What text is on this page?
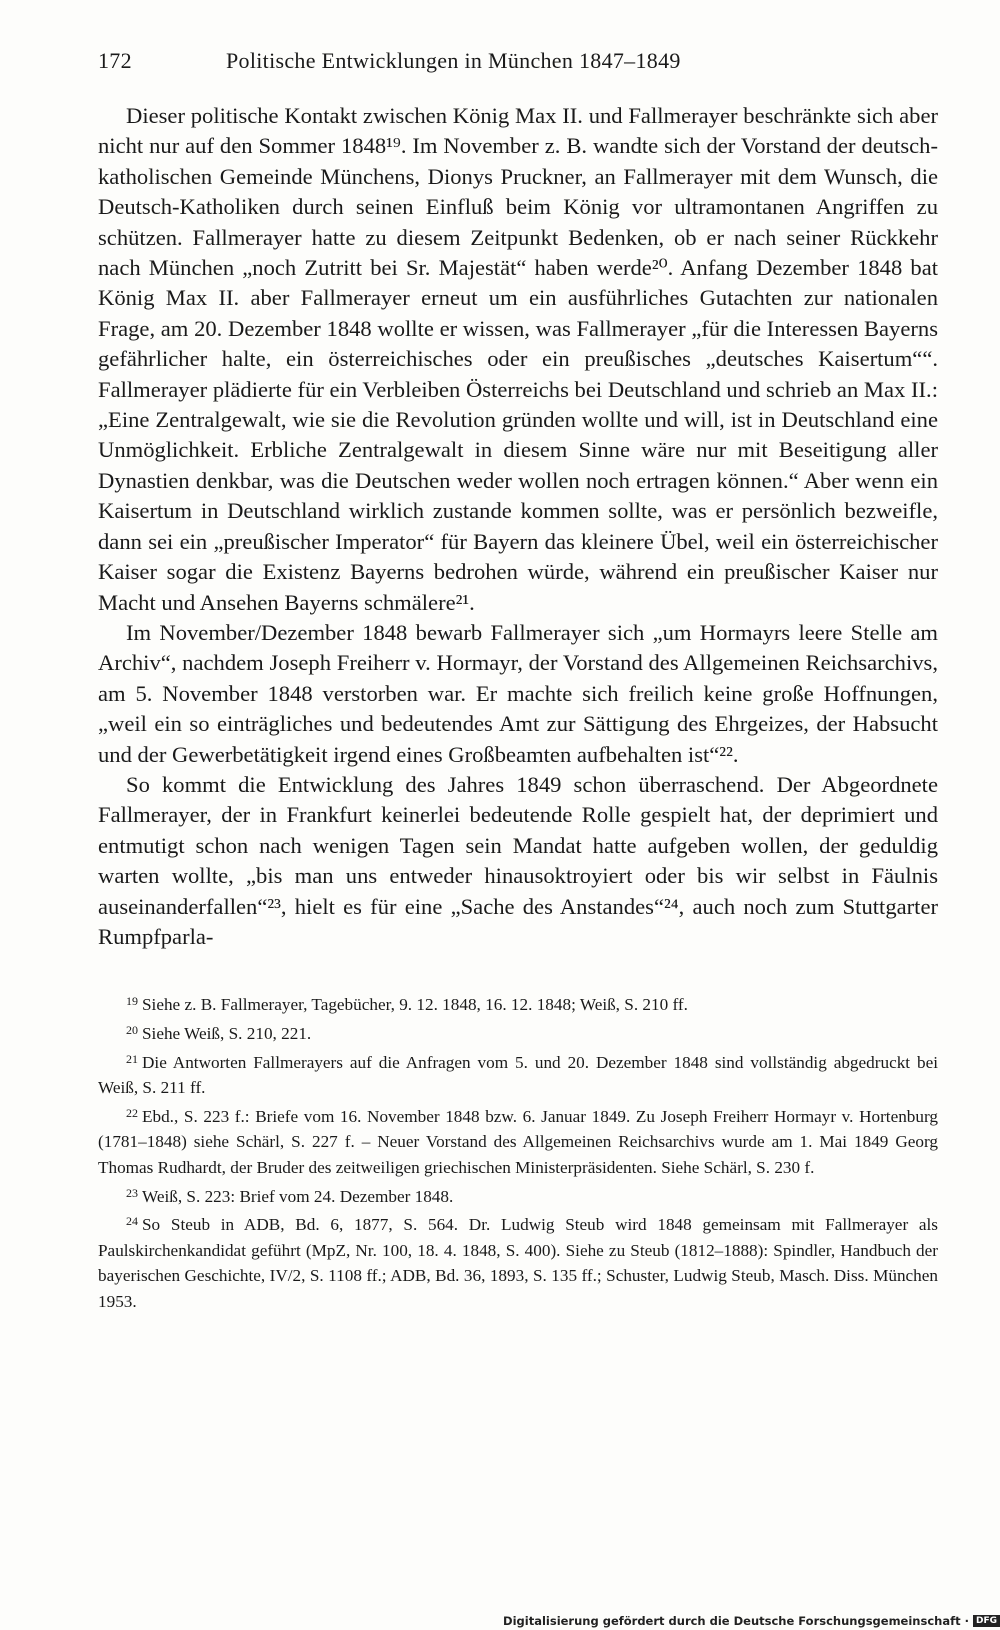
172	Politische Entwicklungen in München 1847–1849

Dieser politische Kontakt zwischen König Max II. und Fallmerayer beschränkte sich aber nicht nur auf den Sommer 1848¹⁹. Im November z. B. wandte sich der Vorstand der deutsch-katholischen Gemeinde Münchens, Dionys Pruckner, an Fallmerayer mit dem Wunsch, die Deutsch-Katholiken durch seinen Einfluß beim König vor ultramontanen Angriffen zu schützen. Fallmerayer hatte zu diesem Zeitpunkt Bedenken, ob er nach seiner Rückkehr nach München „noch Zutritt bei Sr. Majestät“ haben werde²⁰. Anfang Dezember 1848 bat König Max II. aber Fallmerayer erneut um ein ausführliches Gutachten zur nationalen Frage, am 20. Dezember 1848 wollte er wissen, was Fallmerayer „für die Interessen Bayerns gefährlicher halte, ein österreichisches oder ein preußisches „deutsches Kaisertum““. Fallmerayer plädierte für ein Verbleiben Österreichs bei Deutschland und schrieb an Max II.: „Eine Zentralgewalt, wie sie die Revolution gründen wollte und will, ist in Deutschland eine Unmöglichkeit. Erbliche Zentralgewalt in diesem Sinne wäre nur mit Beseitigung aller Dynastien denkbar, was die Deutschen weder wollen noch ertragen können.“ Aber wenn ein Kaisertum in Deutschland wirklich zustande kommen sollte, was er persönlich bezweifle, dann sei ein „preußischer Imperator“ für Bayern das kleinere Übel, weil ein österreichischer Kaiser sogar die Existenz Bayerns bedrohen würde, während ein preußischer Kaiser nur Macht und Ansehen Bayerns schmälere²¹.

Im November/Dezember 1848 bewarb Fallmerayer sich „um Hormayrs leere Stelle am Archiv“, nachdem Joseph Freiherr v. Hormayr, der Vorstand des Allgemeinen Reichsarchivs, am 5. November 1848 verstorben war. Er machte sich freilich keine große Hoffnungen, „weil ein so einträgliches und bedeutendes Amt zur Sättigung des Ehrgeizes, der Habsucht und der Gewerbetätigkeit irgend eines Großbeamten aufbehalten ist“²².

So kommt die Entwicklung des Jahres 1849 schon überraschend. Der Abgeordnete Fallmerayer, der in Frankfurt keinerlei bedeutende Rolle gespielt hat, der deprimiert und entmutigt schon nach wenigen Tagen sein Mandat hatte aufgeben wollen, der geduldig warten wollte, „bis man uns entweder hinausoktroyiert oder bis wir selbst in Fäulnis auseinanderfallen“²³, hielt es für eine „Sache des Anstandes“²⁴, auch noch zum Stuttgarter Rumpfparla-

$^{19}$ Siehe z. B. Fallmerayer, Tagebücher, 9. 12. 1848, 16. 12. 1848; Weiß, S. 210 ff.

$^{20}$ Siehe Weiß, S. 210, 221.

$^{21}$ Die Antworten Fallmerayers auf die Anfragen vom 5. und 20. Dezember 1848 sind vollständig abgedruckt bei Weiß, S. 211 ff.

$^{22}$ Ebd., S. 223 f.: Briefe vom 16. November 1848 bzw. 6. Januar 1849. Zu Joseph Freiherr Hormayr v. Hortenburg (1781–1848) siehe Schärl, S. 227 f. – Neuer Vorstand des Allgemeinen Reichsarchivs wurde am 1. Mai 1849 Georg Thomas Rudhardt, der Bruder des zeitweiligen griechischen Ministerpräsidenten. Siehe Schärl, S. 230 f.

$^{23}$ Weiß, S. 223: Brief vom 24. Dezember 1848.

$^{24}$ So Steub in ADB, Bd. 6, 1877, S. 564. Dr. Ludwig Steub wird 1848 gemeinsam mit Fallmerayer als Paulskirchenkandidat geführt (MpZ, Nr. 100, 18. 4. 1848, S. 400). Siehe zu Steub (1812–1888): Spindler, Handbuch der bayerischen Geschichte, IV/2, S. 1108 ff.; ADB, Bd. 36, 1893, S. 135 ff.; Schuster, Ludwig Steub, Masch. Diss. München 1953.

Digitalisierung gefördert durch die Deutsche Forschungsgemeinschaft · DFG
